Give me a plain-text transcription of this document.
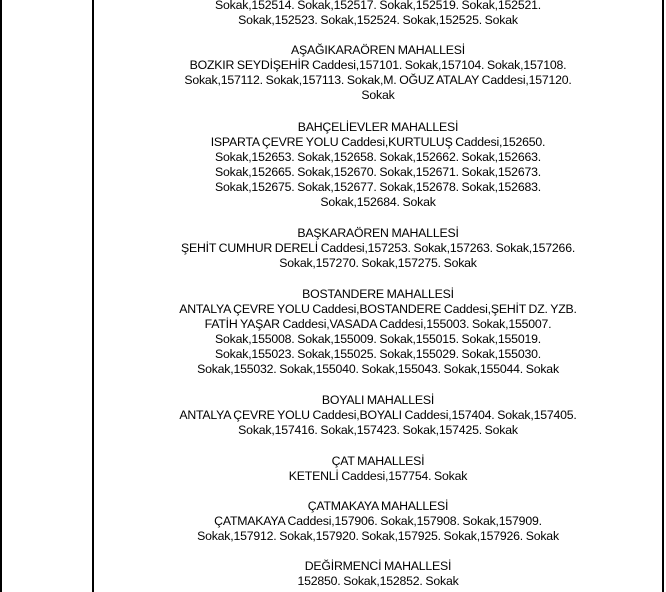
Sokak,152514. Sokak,152517. Sokak,152519. Sokak,152521.
Sokak,152523. Sokak,152524. Sokak,152525. Sokak
AŞAĞIKARAÖREN MAHALLESİ
BOZKIR SEYDİŞEHİR Caddesi,157101. Sokak,157104. Sokak,157108.
Sokak,157112. Sokak,157113. Sokak,M. OĞUZ ATALAY Caddesi,157120.
Sokak
BAHÇELİEVLER MAHALLESİ
ISPARTA ÇEVRE YOLU Caddesi,KURTULUŞ Caddesi,152650.
Sokak,152653. Sokak,152658. Sokak,152662. Sokak,152663.
Sokak,152665. Sokak,152670. Sokak,152671. Sokak,152673.
Sokak,152675. Sokak,152677. Sokak,152678. Sokak,152683.
Sokak,152684. Sokak
BAŞKARAÖREN MAHALLESİ
ŞEHİT CUMHUR DERELİ Caddesi,157253. Sokak,157263. Sokak,157266.
Sokak,157270. Sokak,157275. Sokak
BOSTANDERE MAHALLESİ
ANTALYA ÇEVRE YOLU Caddesi,BOSTANDERE Caddesi,ŞEHİT DZ. YZB.
FATİH YAŞAR Caddesi,VASADA Caddesi,155003. Sokak,155007.
Sokak,155008. Sokak,155009. Sokak,155015. Sokak,155019.
Sokak,155023. Sokak,155025. Sokak,155029. Sokak,155030.
Sokak,155032. Sokak,155040. Sokak,155043. Sokak,155044. Sokak
BOYALI MAHALLESİ
ANTALYA ÇEVRE YOLU Caddesi,BOYALI Caddesi,157404. Sokak,157405.
Sokak,157416. Sokak,157423. Sokak,157425. Sokak
ÇAT MAHALLESİ
KETENLİ Caddesi,157754. Sokak
ÇATMAKAYA MAHALLESİ
ÇATMAKAYA Caddesi,157906. Sokak,157908. Sokak,157909.
Sokak,157912. Sokak,157920. Sokak,157925. Sokak,157926. Sokak
DEĞİRMENCİ MAHALLESİ
152850. Sokak,152852. Sokak
